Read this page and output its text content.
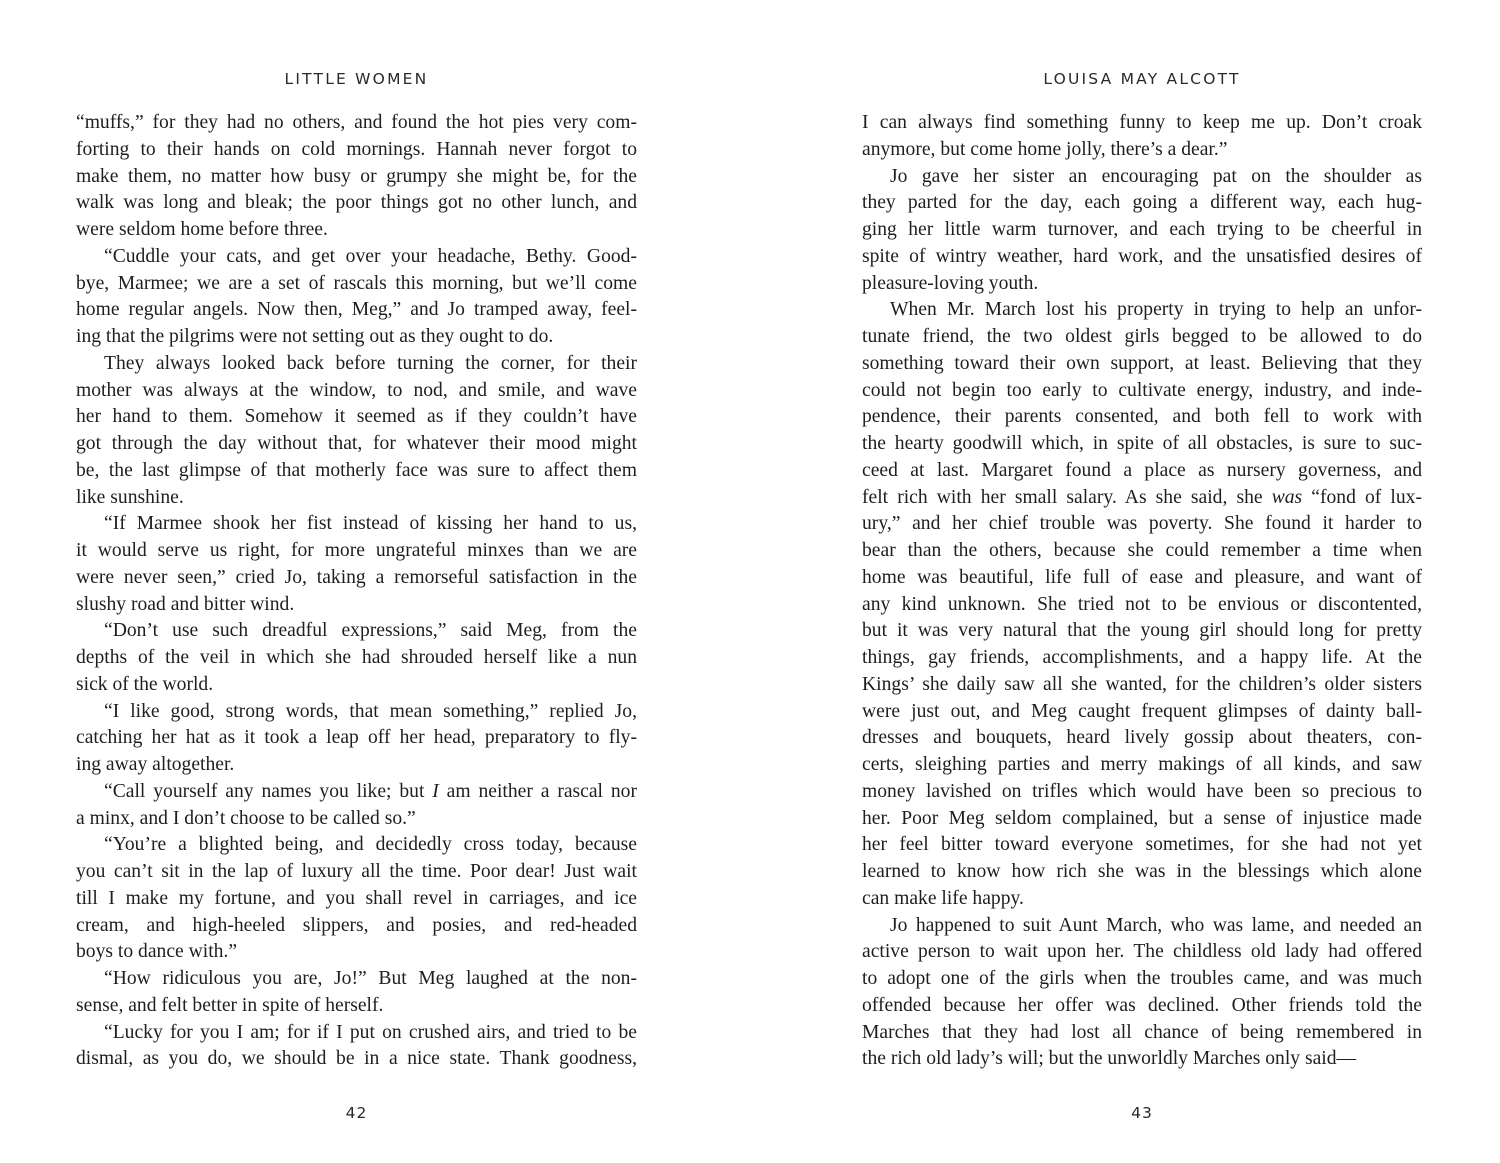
LITTLE WOMEN
“muffs,” for they had no others, and found the hot pies very com-
forting to their hands on cold mornings. Hannah never forgot to
make them, no matter how busy or grumpy she might be, for the
walk was long and bleak; the poor things got no other lunch, and
were seldom home before three.
“Cuddle your cats, and get over your headache, Bethy. Good-
bye, Marmee; we are a set of rascals this morning, but we’ll come
home regular angels. Now then, Meg,” and Jo tramped away, feel-
ing that the pilgrims were not setting out as they ought to do.
They always looked back before turning the corner, for their
mother was always at the window, to nod, and smile, and wave
her hand to them. Somehow it seemed as if they couldn’t have
got through the day without that, for whatever their mood might
be, the last glimpse of that motherly face was sure to affect them
like sunshine.
“If Marmee shook her fist instead of kissing her hand to us,
it would serve us right, for more ungrateful minxes than we are
were never seen,” cried Jo, taking a remorseful satisfaction in the
slushy road and bitter wind.
“Don’t use such dreadful expressions,” said Meg, from the
depths of the veil in which she had shrouded herself like a nun
sick of the world.
“I like good, strong words, that mean something,” replied Jo,
catching her hat as it took a leap off her head, preparatory to fly-
ing away altogether.
“Call yourself any names you like; but I am neither a rascal nor
a minx, and I don’t choose to be called so.”
“You’re a blighted being, and decidedly cross today, because
you can’t sit in the lap of luxury all the time. Poor dear! Just wait
till I make my fortune, and you shall revel in carriages, and ice
cream, and high-heeled slippers, and posies, and red-headed
boys to dance with.”
“How ridiculous you are, Jo!” But Meg laughed at the non-
sense, and felt better in spite of herself.
“Lucky for you I am; for if I put on crushed airs, and tried to be
dismal, as you do, we should be in a nice state. Thank goodness,
42
LOUISA MAY ALCOTT
I can always find something funny to keep me up. Don’t croak
anymore, but come home jolly, there’s a dear.”
Jo gave her sister an encouraging pat on the shoulder as
they parted for the day, each going a different way, each hug-
ging her little warm turnover, and each trying to be cheerful in
spite of wintry weather, hard work, and the unsatisfied desires of
pleasure-loving youth.
When Mr. March lost his property in trying to help an unfor-
tunate friend, the two oldest girls begged to be allowed to do
something toward their own support, at least. Believing that they
could not begin too early to cultivate energy, industry, and inde-
pendence, their parents consented, and both fell to work with
the hearty goodwill which, in spite of all obstacles, is sure to suc-
ceed at last. Margaret found a place as nursery governess, and
felt rich with her small salary. As she said, she was “fond of lux-
ury,” and her chief trouble was poverty. She found it harder to
bear than the others, because she could remember a time when
home was beautiful, life full of ease and pleasure, and want of
any kind unknown. She tried not to be envious or discontented,
but it was very natural that the young girl should long for pretty
things, gay friends, accomplishments, and a happy life. At the
Kings’ she daily saw all she wanted, for the children’s older sisters
were just out, and Meg caught frequent glimpses of dainty ball-
dresses and bouquets, heard lively gossip about theaters, con-
certs, sleighing parties and merry makings of all kinds, and saw
money lavished on trifles which would have been so precious to
her. Poor Meg seldom complained, but a sense of injustice made
her feel bitter toward everyone sometimes, for she had not yet
learned to know how rich she was in the blessings which alone
can make life happy.
Jo happened to suit Aunt March, who was lame, and needed an
active person to wait upon her. The childless old lady had offered
to adopt one of the girls when the troubles came, and was much
offended because her offer was declined. Other friends told the
Marches that they had lost all chance of being remembered in
the rich old lady’s will; but the unworldly Marches only said—
43
